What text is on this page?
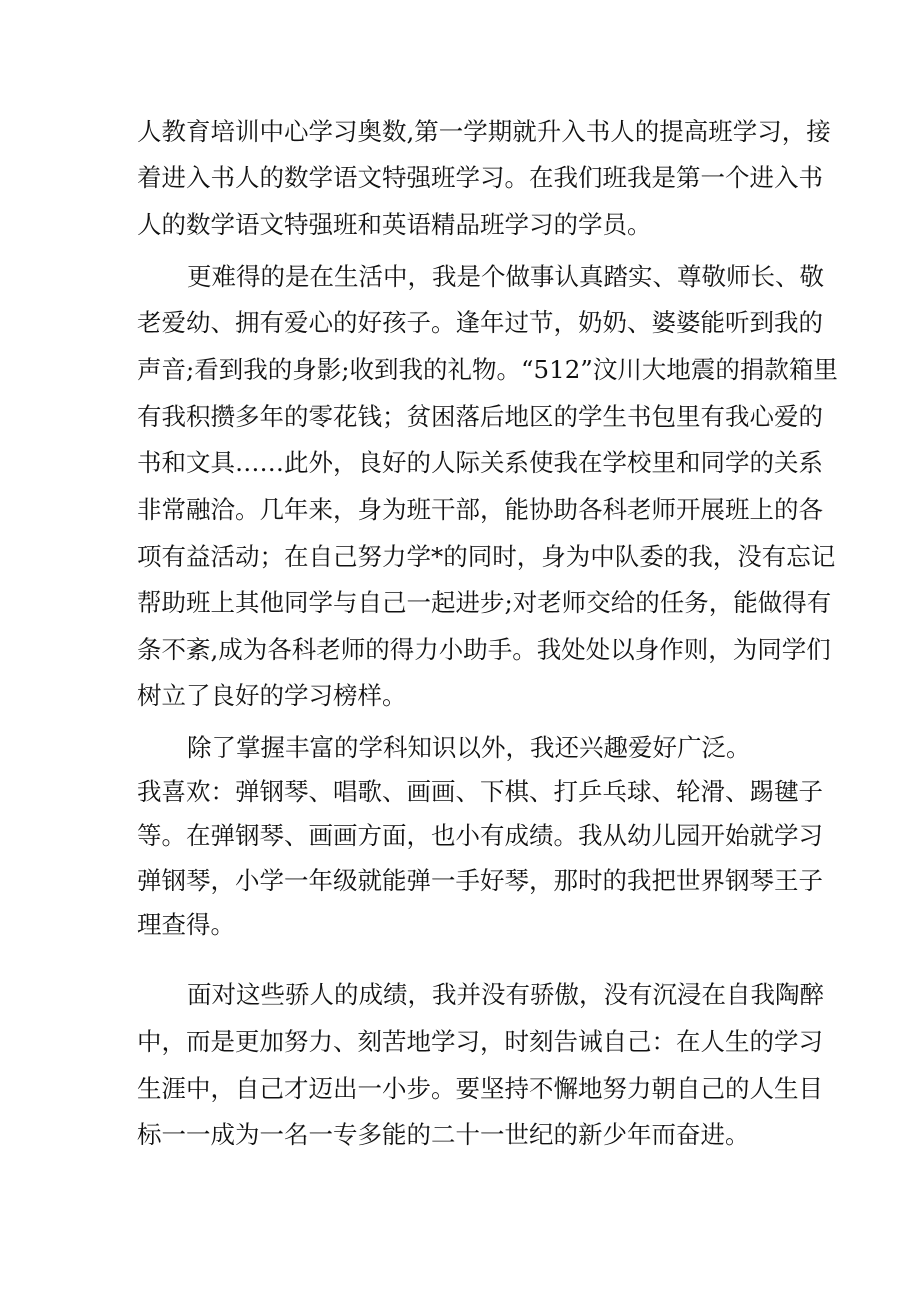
人教育培训中心学习奥数,第一学期就升入书人的提高班学习，接
着进入书人的数学语文特强班学习。在我们班我是第一个进入书
人的数学语文特强班和英语精品班学习的学员。
更难得的是在生活中，我是个做事认真踏实、尊敬师长、敬
老爱幼、拥有爱心的好孩子。逢年过节，奶奶、婆婆能听到我的
声音;看到我的身影;收到我的礼物。“512”汶川大地震的捐款箱里
有我积攒多年的零花钱；贫困落后地区的学生书包里有我心爱的
书和文具……此外，良好的人际关系使我在学校里和同学的关系
非常融洽。几年来，身为班干部，能协助各科老师开展班上的各
项有益活动；在自己努力学*的同时，身为中队委的我，没有忘记
帮助班上其他同学与自己一起进步;对老师交给的任务，能做得有
条不紊,成为各科老师的得力小助手。我处处以身作则，为同学们
树立了良好的学习榜样。
除了掌握丰富的学科知识以外，我还兴趣爱好广泛。
我喜欢：弹钢琴、唱歌、画画、下棋、打乒乓球、轮滑、踢毽子
等。在弹钢琴、画画方面，也小有成绩。我从幼儿园开始就学习
弹钢琴，小学一年级就能弹一手好琴，那时的我把世界钢琴王子
理查得。
面对这些骄人的成绩，我并没有骄傲，没有沉浸在自我陶醉
中，而是更加努力、刻苦地学习，时刻告诫自己：在人生的学习
生涯中，自己才迈出一小步。要坚持不懈地努力朝自己的人生目
标一一成为一名一专多能的二十一世纪的新少年而奋进。
